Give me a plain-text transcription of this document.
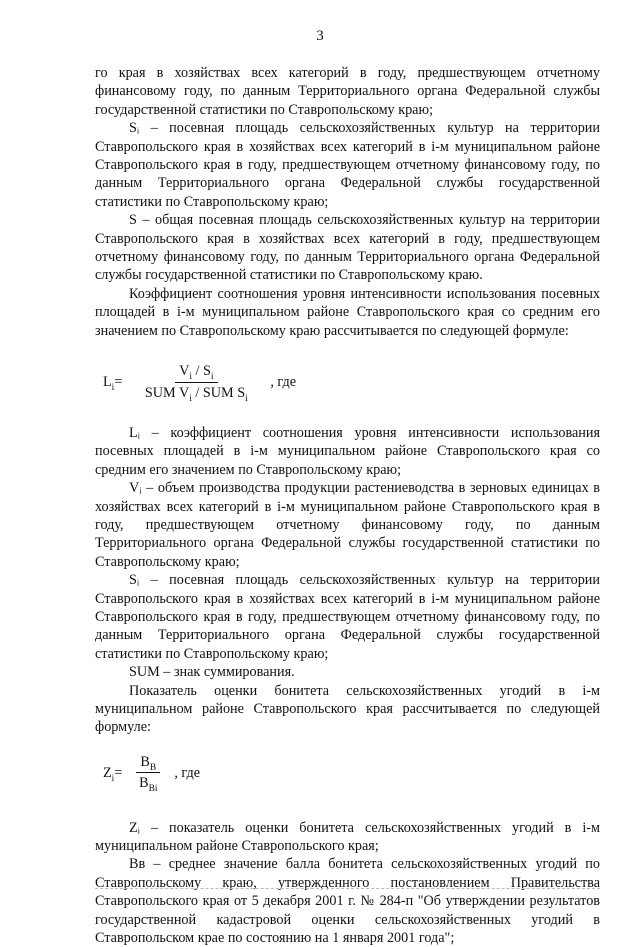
3

го края в хозяйствах всех категорий в году, предшествующем отчетному финансовому году, по данным Территориального органа Федеральной службы государственной статистики по Ставропольскому краю;

Sᵢ – посевная площадь сельскохозяйственных культур на территории Ставропольского края в хозяйствах всех категорий в i-м муниципальном районе Ставропольского края в году, предшествующем отчетному финансовому году, по данным Территориального органа Федеральной службы государственной статистики по Ставропольскому краю;

S – общая посевная площадь сельскохозяйственных культур на территории Ставропольского края в хозяйствах всех категорий в году, предшествующем отчетному финансовому году, по данным Территориального органа Федеральной службы государственной статистики по Ставропольскому краю.

Коэффициент соотношения уровня интенсивности использования посевных площадей в i-м муниципальном районе Ставропольского края со средним его значением по Ставропольскому краю рассчитывается по следующей формуле:

$L_i = \frac{V_i / S_i}{SUM V_i / SUM S_i}$ , где

Lᵢ – коэффициент соотношения уровня интенсивности использования посевных площадей в i-м муниципальном районе Ставропольского края со средним его значением по Ставропольскому краю;

Vᵢ – объем производства продукции растениеводства в зерновых единицах в хозяйствах всех категорий в i-м муниципальном районе Ставропольского края в году, предшествующем отчетному финансовому году, по данным Территориального органа Федеральной службы государственной статистики по Ставропольскому краю;

Sᵢ – посевная площадь сельскохозяйственных культур на территории Ставропольского края в хозяйствах всех категорий в i-м муниципальном районе Ставропольского края в году, предшествующем отчетному финансовому году, по данным Территориального органа Федеральной службы государственной статистики по Ставропольскому краю;

SUM – знак суммирования.

Показатель оценки бонитета сельскохозяйственных угодий в i-м муниципальном районе Ставропольского края рассчитывается по следующей формуле:

$Z_i = \frac{B_B}{B_{Bi}}$ , где

Zᵢ – показатель оценки бонитета сельскохозяйственных угодий в i-м муниципальном районе Ставропольского края;

Bʙ – среднее значение балла бонитета сельскохозяйственных угодий по Ставропольскому краю, утвержденного постановлением Правительства Ставропольского края от 5 декабря 2001 г. № 284-п "Об утверждении результатов государственной кадастровой оценки сельскохозяйственных угодий в Ставропольском крае по состоянию на 1 января 2001 года";
